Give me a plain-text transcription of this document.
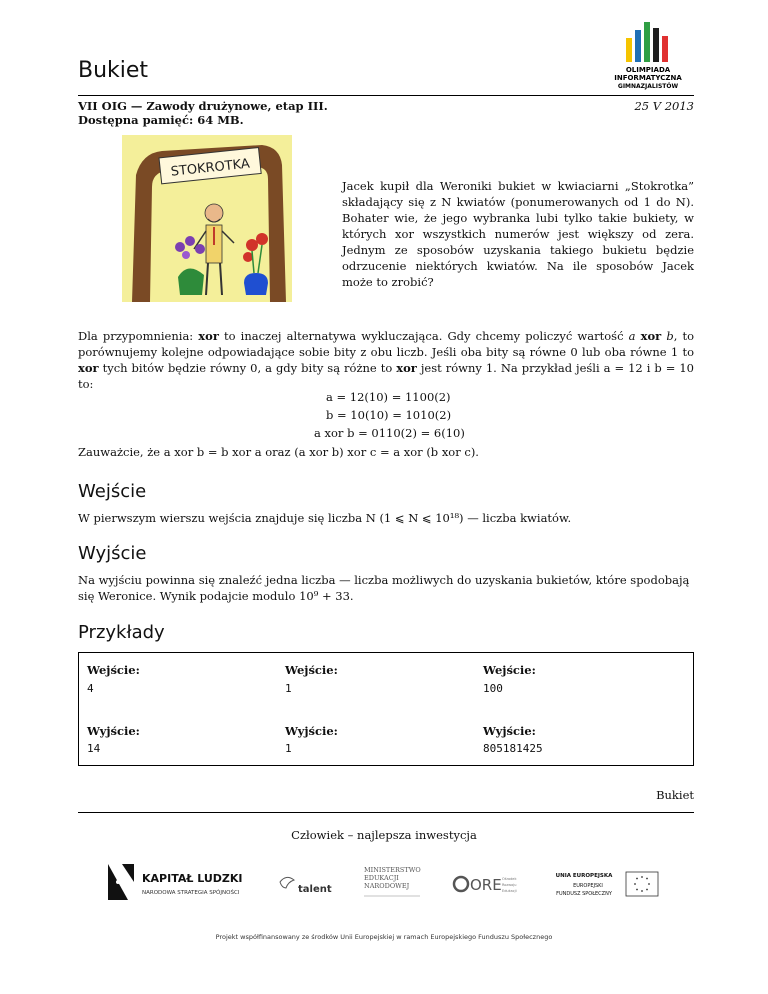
Bukiet	OLIMPIADA
INFORMATYCZNA
GIMNAZJALISTÓW
VII OIG — Zawody drużynowe, etap III.
Dostępna pamięć: 64 MB.
25 V 2013
STOKROTKA
Jacek kupił dla Weroniki bukiet w kwiaciarni „Stokrotka” składający się z N kwiatów (ponumerowanych od 1 do N). Bohater wie, że jego wybranka lubi tylko takie bukiety, w których xor wszystkich numerów jest większy od zera. Jednym ze sposobów uzyskania takiego bukietu będzie odrzucenie niektórych kwiatów. Na ile sposobów Jacek może to zrobić?
Dla przypomnienia: xor to inaczej alternatywa wykluczająca. Gdy chcemy policzyć wartość a xor b, to porównujemy kolejne odpowiadające sobie bity z obu liczb. Jeśli oba bity są równe 0 lub oba równe 1 to xor tych bitów będzie równy 0, a gdy bity są różne to xor jest równy 1. Na przykład jeśli a = 12 i b = 10 to:
a = 12(10) = 1100(2)
b = 10(10) = 1010(2)
a xor b = 0110(2) = 6(10)
Zauważcie, że a xor b = b xor a oraz (a xor b) xor c = a xor (b xor c).
Wejście
W pierwszym wierszu wejścia znajduje się liczba N (1 ⩽ N ⩽ 10¹⁸) — liczba kwiatów.
Wyjście
Na wyjściu powinna się znaleźć jedna liczba — liczba możliwych do uzyskania bukietów, które spodobają się Weronice. Wynik podajcie modulo 10⁹ + 33.
Przykłady
Wejście:
4
Wyjście:
14
Wejście:
1
Wyjście:
1
Wejście:
100
Wyjście:
805181425
Bukiet
Człowiek – najlepsza inwestycja
KAPITAŁ LUDZKI
NARODOWA STRATEGIA SPÓJNOŚCI	talent
MINISTERSTWO
EDUKACJI
NARODOWEJ	ORE Ośrodek
Rozwoju
Edukacji
UNIA EUROPEJSKA
EUROPEJSKI
FUNDUSZ SPOŁECZNY
Projekt współfinansowany ze środków Unii Europejskiej w ramach Europejskiego Funduszu Społecznego
